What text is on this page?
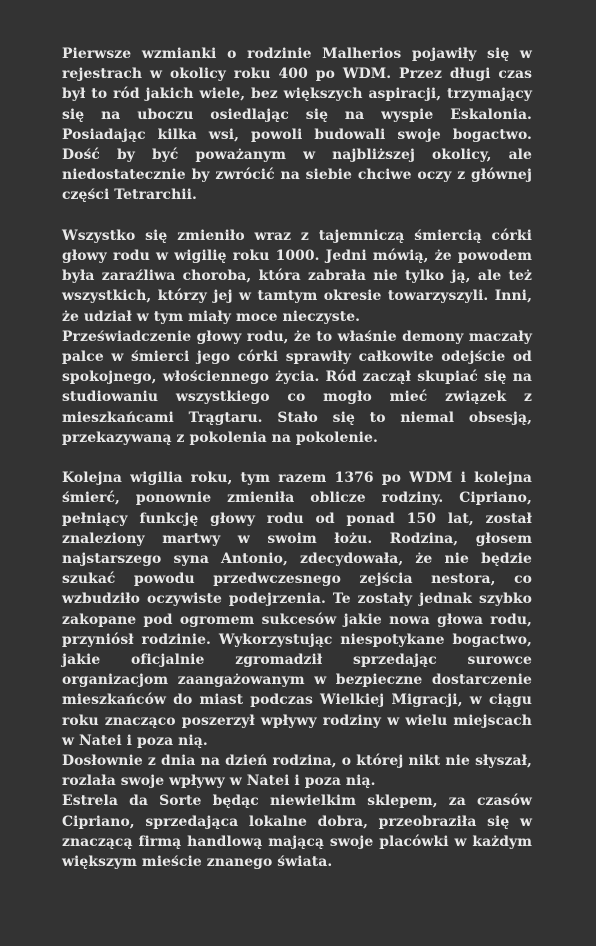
Pierwsze wzmianki o rodzinie Malherios pojawiły się w rejestrach w okolicy roku 400 po WDM. Przez długi czas był to ród jakich wiele, bez większych aspiracji, trzymający się na uboczu osiedlając się na wyspie Eskalonia. Posiadając kilka wsi, powoli budowali swoje bogactwo. Dość by być poważanym w najbliższej okolicy, ale niedostatecznie by zwrócić na siebie chciwe oczy z głównej części Tetrarchii.

Wszystko się zmieniło wraz z tajemniczą śmiercią córki głowy rodu w wigilię roku 1000. Jedni mówią, że powodem była zaraźliwa choroba, która zabrała nie tylko ją, ale też wszystkich, którzy jej w tamtym okresie towarzyszyli. Inni, że udział w tym miały moce nieczyste.

Przeświadczenie głowy rodu, że to właśnie demony maczały palce w śmierci jego córki sprawiły całkowite odejście od spokojnego, włościennego życia. Ród zaczął skupiać się na studiowaniu wszystkiego co mogło mieć związek z mieszkańcami Trągtaru. Stało się to niemal obsesją, przekazywaną z pokolenia na pokolenie.

Kolejna wigilia roku, tym razem 1376 po WDM i kolejna śmierć, ponownie zmieniła oblicze rodziny. Cipriano, pełniący funkcję głowy rodu od ponad 150 lat, został znaleziony martwy w swoim łożu. Rodzina, głosem najstarszego syna Antonio, zdecydowała, że nie będzie szukać powodu przedwczesnego zejścia nestora, co wzbudziło oczywiste podejrzenia. Te zostały jednak szybko zakopane pod ogromem sukcesów jakie nowa głowa rodu, przyniósł rodzinie. Wykorzystując niespotykane bogactwo, jakie oficjalnie zgromadził sprzedając surowce organizacjom zaangażowanym w bezpieczne dostarczenie mieszkańców do miast podczas Wielkiej Migracji, w ciągu roku znacząco poszerzył wpływy rodziny w wielu miejscach w Natei i poza nią.

Dosłownie z dnia na dzień rodzina, o której nikt nie słyszał, rozlała swoje wpływy w Natei i poza nią.

Estrela da Sorte będąc niewielkim sklepem, za czasów Cipriano, sprzedająca lokalne dobra, przeobraziła się w znaczącą firmą handlową mającą swoje placówki w każdym większym mieście znanego świata.
